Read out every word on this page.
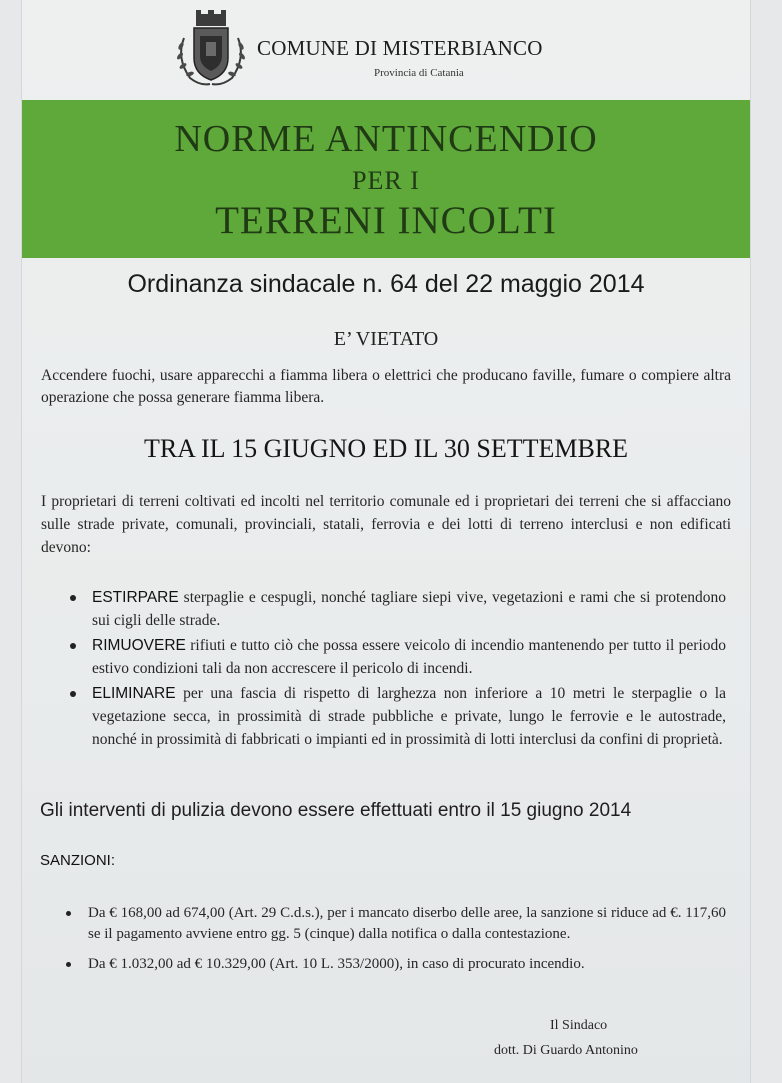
COMUNE DI MISTERBIANCO
Provincia di Catania
NORME ANTINCENDIO
PER I
TERRENI INCOLTI
Ordinanza sindacale n. 64 del 22 maggio 2014
E’ VIETATO
Accendere fuochi, usare apparecchi a fiamma libera o elettrici che producano faville, fumare o compiere altra operazione che possa generare fiamma libera.
TRA IL 15 GIUGNO ED IL 30 SETTEMBRE
I proprietari di terreni coltivati ed incolti nel territorio comunale ed i proprietari dei terreni che si affacciano sulle strade private, comunali, provinciali, statali, ferrovia e dei lotti di terreno interclusi e non edificati devono:
ESTIRPARE sterpaglie e cespugli, nonché tagliare siepi vive, vegetazioni e rami che si protendono sui cigli delle strade.
RIMUOVERE rifiuti e tutto ciò che possa essere veicolo di incendio mantenendo per tutto il periodo estivo condizioni tali da non accrescere il pericolo di incendi.
ELIMINARE per una fascia di rispetto di larghezza non inferiore a 10 metri le sterpaglie o la vegetazione secca, in prossimità di strade pubbliche e private, lungo le ferrovie e le autostrade, nonché in prossimità di fabbricati o impianti ed in prossimità di lotti interclusi da confini di proprietà.
Gli interventi di pulizia devono essere effettuati entro il 15 giugno 2014
SANZIONI:
Da € 168,00 ad 674,00 (Art. 29 C.d.s.), per i mancato diserbo delle aree, la sanzione si riduce ad €. 117,60 se il pagamento avviene entro gg. 5 (cinque) dalla notifica o dalla contestazione.
Da € 1.032,00 ad € 10.329,00 (Art. 10 L. 353/2000), in caso di procurato incendio.
Il Sindaco
dott. Di Guardo Antonino
